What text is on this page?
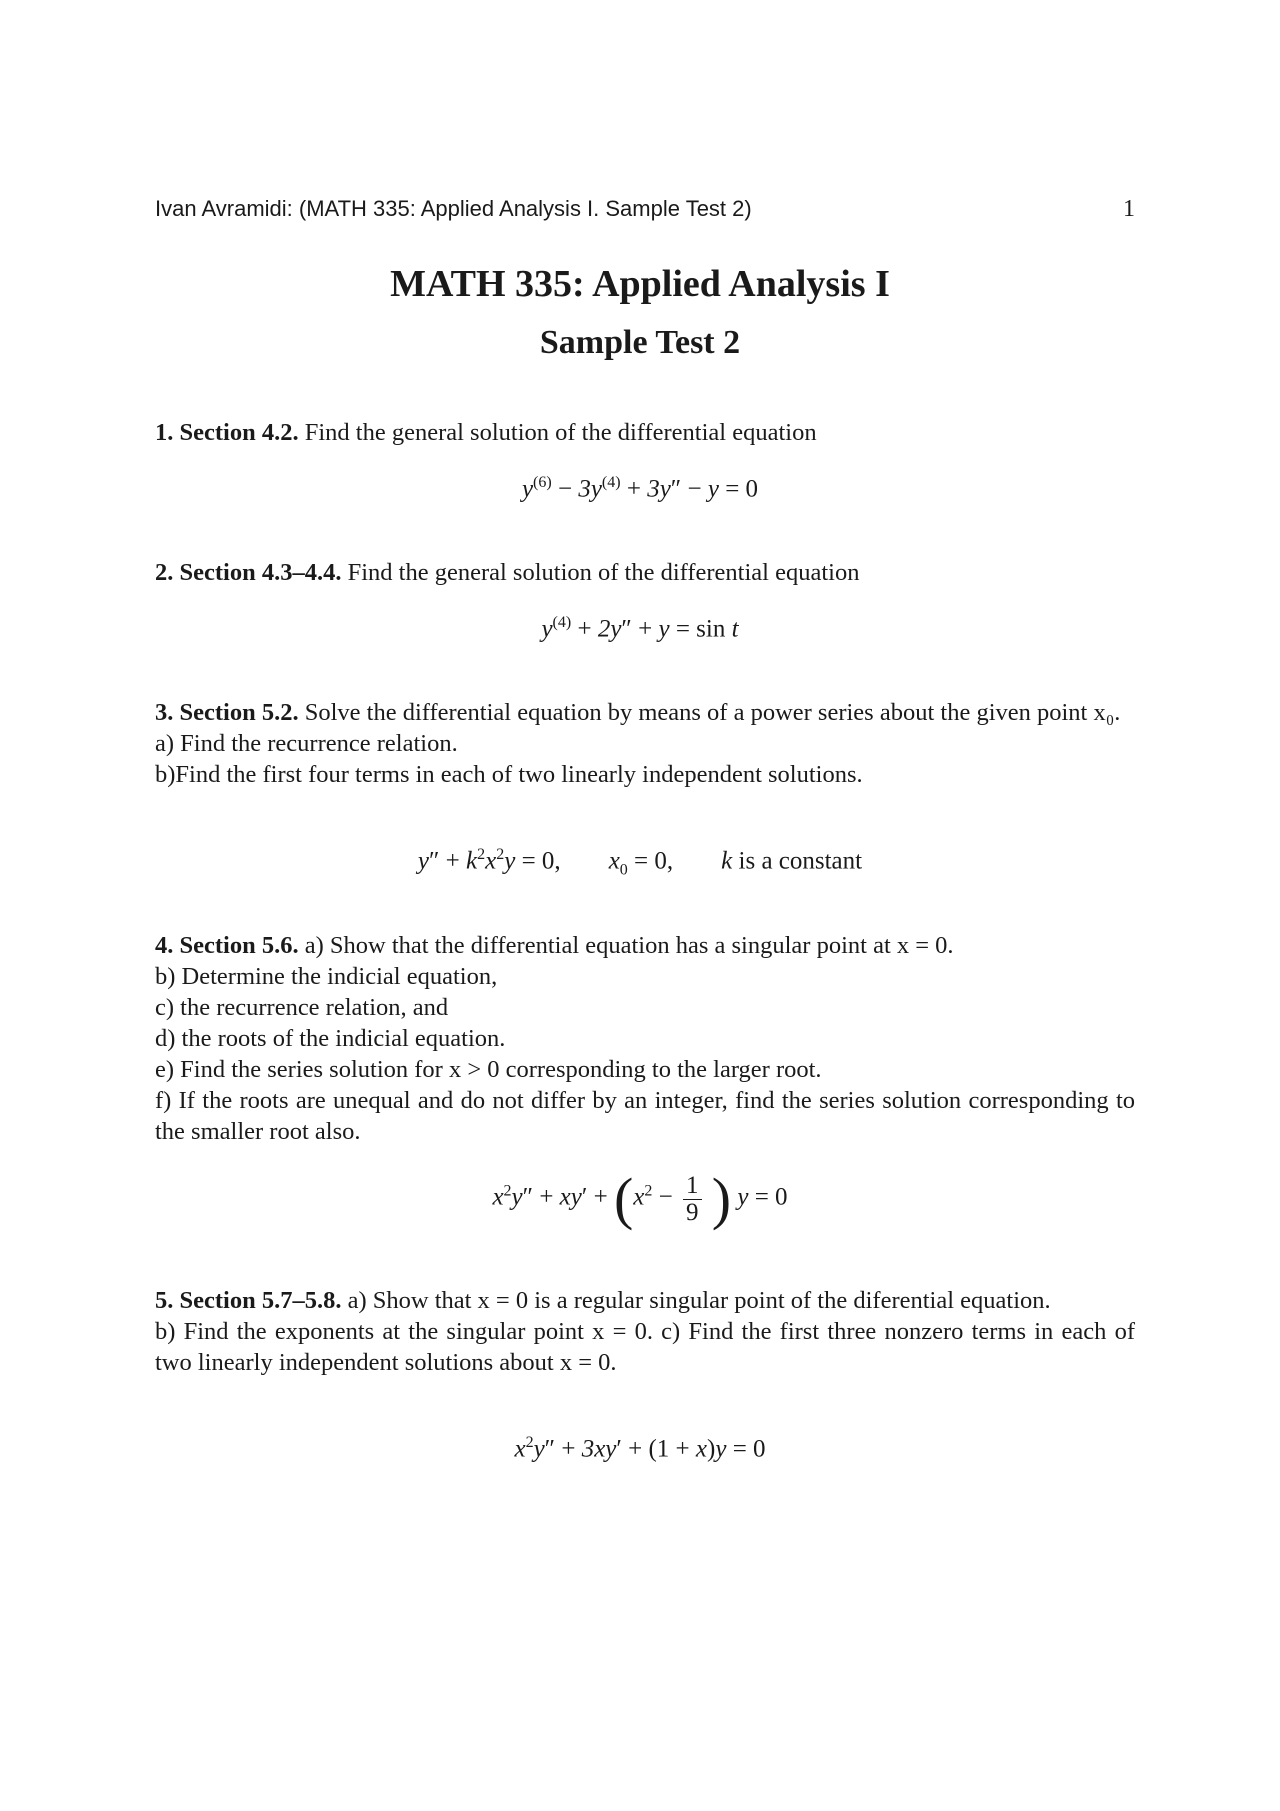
Ivan Avramidi: (MATH 335: Applied Analysis I. Sample Test 2)	1
MATH 335: Applied Analysis I
Sample Test 2

1. Section 4.2. Find the general solution of the differential equation

$y^{(6)} - 3y^{(4)} + 3y'' - y = 0$

2. Section 4.3–4.4. Find the general solution of the differential equation

$y^{(4)} + 2y'' + y = \sin t$

3. Section 5.2. Solve the differential equation by means of a power series about the given point x₀.

a) Find the recurrence relation.

b)Find the first four terms in each of two linearly independent solutions.

$y'' + k^2x^2y = 0$, $x_0 = 0$, k is a constant

4. Section 5.6. a) Show that the differential equation has a singular point at x = 0.

b) Determine the indicial equation,

c) the recurrence relation, and

d) the roots of the indicial equation.

e) Find the series solution for x > 0 corresponding to the larger root.

f) If the roots are unequal and do not differ by an integer, find the series solution corresponding to the smaller root also.

$x^2y'' + xy' + (x^2 - \frac{1}{9}$ ) y = 0

5. Section 5.7–5.8. a) Show that x = 0 is a regular singular point of the diferential equation.

b) Find the exponents at the singular point x = 0. c) Find the first three nonzero terms in each of two linearly independent solutions about x = 0.

$x^2y'' + 3xy' + (1 + x)y = 0$
